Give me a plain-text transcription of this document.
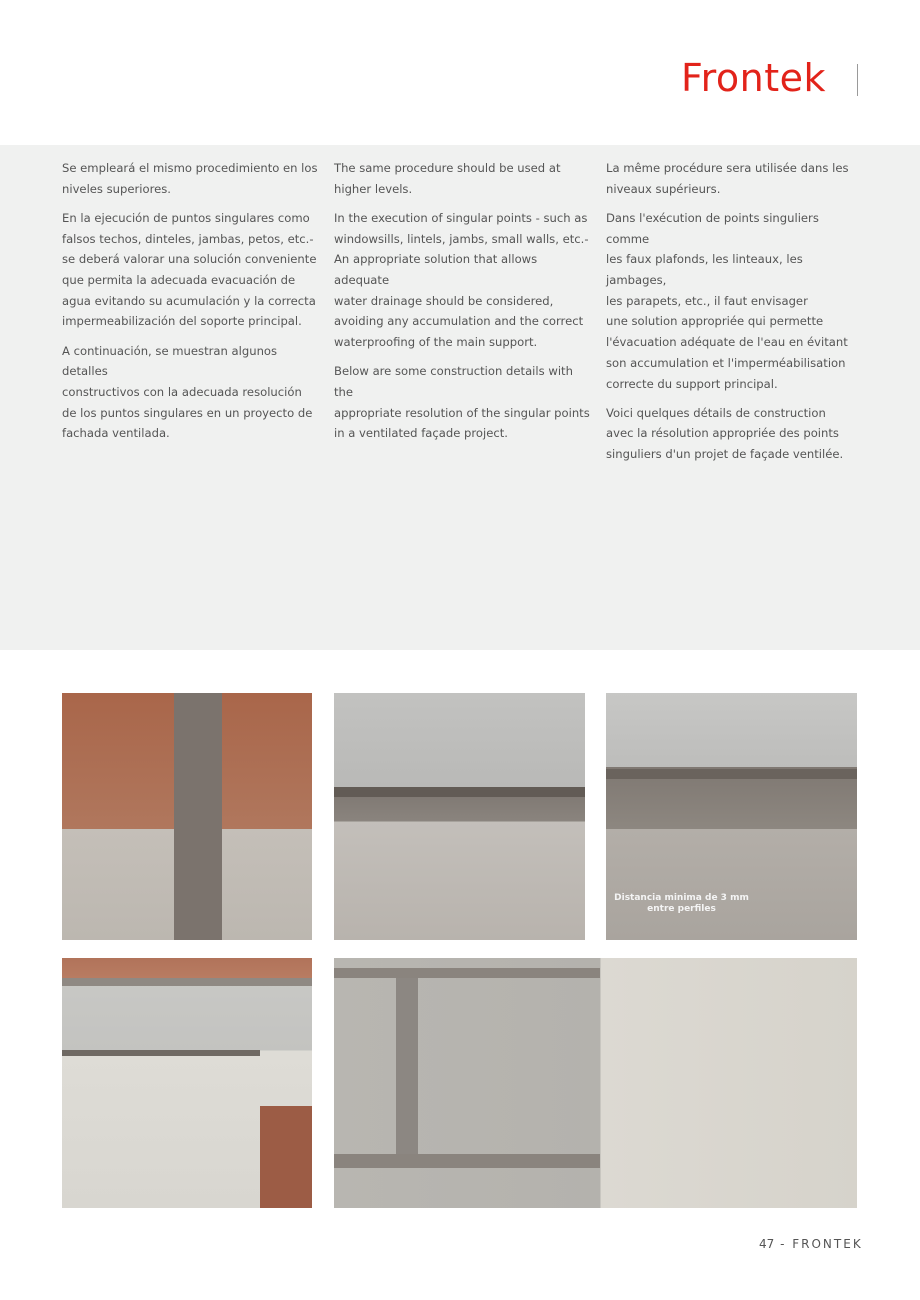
Frontek

Se empleará el mismo procedimiento en los
niveles superiores.

En la ejecución de puntos singulares como
falsos techos, dinteles, jambas, petos, etc.-
se deberá valorar una solución conveniente
que permita la adecuada evacuación de
agua evitando su acumulación y la correcta
impermeabilización del soporte principal.

A continuación, se muestran algunos detalles
constructivos con la adecuada resolución
de los puntos singulares en un proyecto de
fachada ventilada.

The same procedure should be used at
higher levels.

In the execution of singular points - such as
windowsills, lintels, jambs, small walls, etc.-
An appropriate solution that allows adequate
water drainage should be considered,
avoiding any accumulation and the correct
waterproofing of the main support.

Below are some construction details with the
appropriate resolution of the singular points
in a ventilated façade project.

La même procédure sera utilisée dans les
niveaux supérieurs.

Dans l'exécution de points singuliers comme
les faux plafonds, les linteaux, les jambages,
les parapets, etc., il faut envisager
une solution appropriée qui permette
l'évacuation adéquate de l'eau en évitant
son accumulation et l'imperméabilisation
correcte du support principal.

Voici quelques détails de construction
avec la résolution appropriée des points
singuliers d'un projet de façade ventilée.

Distancia minima de 3 mm
entre perfiles
47 - FRONTEK
